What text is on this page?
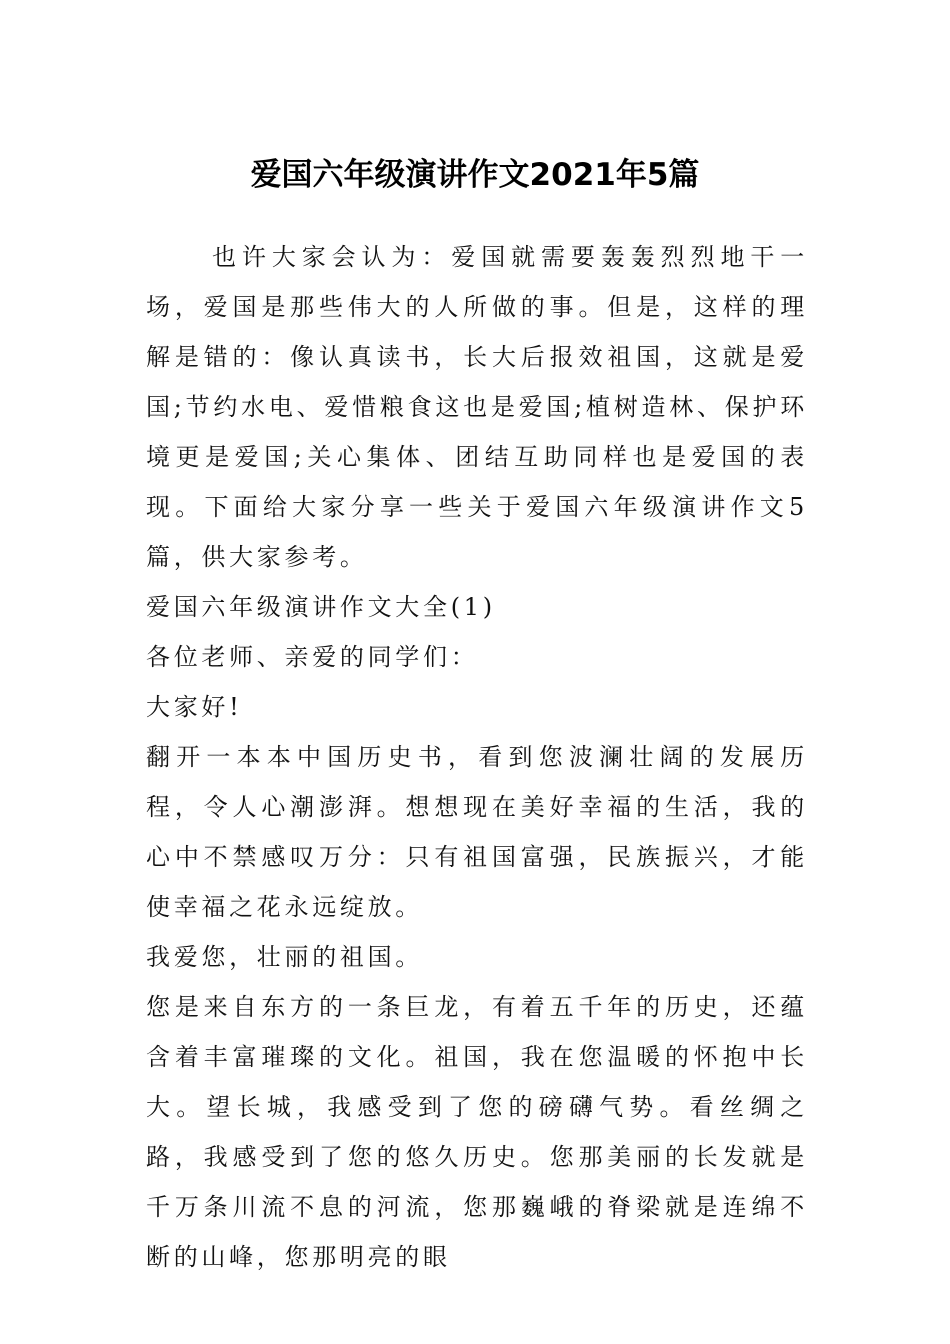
爱国六年级演讲作文2021年5篇

也许大家会认为：爱国就需要轰轰烈烈地干一场，爱国是那些伟大的人所做的事。但是，这样的理解是错的：像认真读书，长大后报效祖国，这就是爱国;节约水电、爱惜粮食这也是爱国;植树造林、保护环境更是爱国;关心集体、团结互助同样也是爱国的表现。下面给大家分享一些关于爱国六年级演讲作文5篇，供大家参考。

爱国六年级演讲作文大全(1)

各位老师、亲爱的同学们：

大家好!

翻开一本本中国历史书，看到您波澜壮阔的发展历程，令人心潮澎湃。想想现在美好幸福的生活，我的心中不禁感叹万分：只有祖国富强，民族振兴，才能使幸福之花永远绽放。

我爱您，壮丽的祖国。

您是来自东方的一条巨龙，有着五千年的历史，还蕴含着丰富璀璨的文化。祖国，我在您温暖的怀抱中长大。望长城，我感受到了您的磅礴气势。看丝绸之路，我感受到了您的悠久历史。您那美丽的长发就是千万条川流不息的河流，您那巍峨的脊梁就是连绵不断的山峰，您那明亮的眼
